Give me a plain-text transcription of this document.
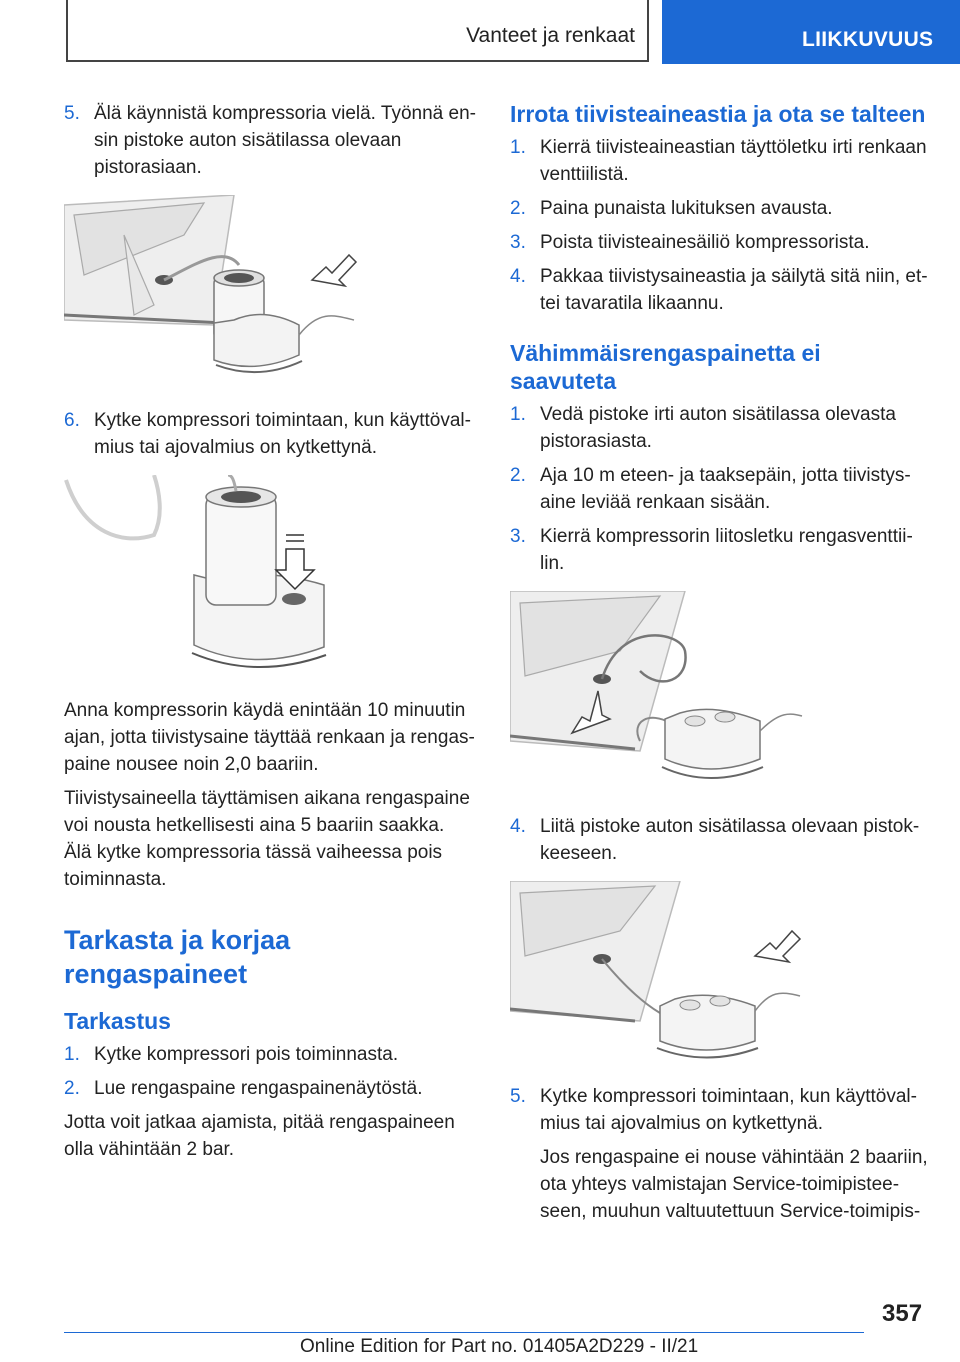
Vanteet ja renkaat	LIIKKUVUUS
5. Älä käynnistä kompressoria vielä. Työnnä ensin pistoke auton sisätilassa olevaan pistorasiaan.
6. Kytke kompressori toimintaan, kun käyttövalmius tai ajovalmius on kytkettynä.

Anna kompressorin käydä enintään 10 minuutin ajan, jotta tiivistysaine täyttää renkaan ja rengaspaine nousee noin 2,0 baariin.

Tiivistysaineella täyttämisen aikana rengaspaine voi nousta hetkellisesti aina 5 baariin saakka. Älä kytke kompressoria tässä vaiheessa pois toiminnasta.

Tarkasta ja korjaa rengaspaineet
Tarkastus
1. Kytke kompressori pois toiminnasta.
2. Lue rengaspaine rengaspainenäytöstä.

Jotta voit jatkaa ajamista, pitää rengaspaineen olla vähintään 2 bar.

Irrota tiivisteaineastia ja ota se talteen
1. Kierrä tiivisteaineastian täyttöletku irti renkaan venttiilistä.
2. Paina punaista lukituksen avausta.
3. Poista tiivisteainesäiliö kompressorista.
4. Pakkaa tiivistysaineastia ja säilytä sitä niin, ettei tavaratila likaannu.
Vähimmäisrengaspainetta ei saavuteta
1. Vedä pistoke irti auton sisätilassa olevasta pistorasiasta.
2. Aja 10 m eteen- ja taaksepäin, jotta tiivistysaine leviää renkaan sisään.
3. Kierrä kompressorin liitosletku rengasventtiilin.
4. Liitä pistoke auton sisätilassa olevaan pistokkeeseen.
5. Kytke kompressori toimintaan, kun käyttövalmius tai ajovalmius on kytkettynä.

Jos rengaspaine ei nouse vähintään 2 baariin, ota yhteys valmistajan Service-toimipisteeseen, muuhun valtuutettuun Service-toimipis-

357
Online Edition for Part no. 01405A2D229 - II/21
